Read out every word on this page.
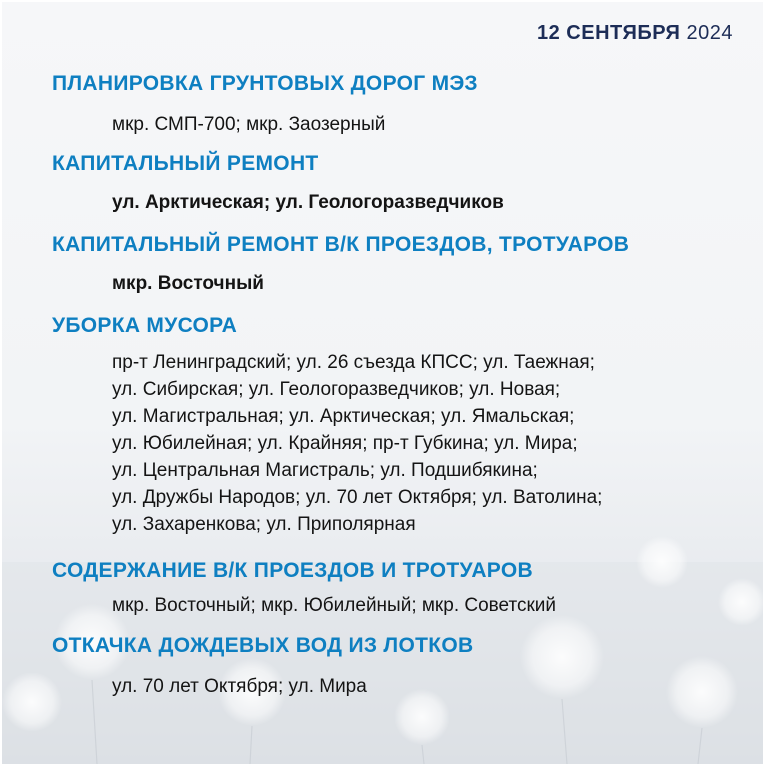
12 СЕНТЯБРЯ 2024
ПЛАНИРОВКА ГРУНТОВЫХ ДОРОГ МЭЗ
мкр. СМП-700; мкр. Заозерный
КАПИТАЛЬНЫЙ РЕМОНТ
ул. Арктическая; ул. Геологоразведчиков
КАПИТАЛЬНЫЙ РЕМОНТ В/К ПРОЕЗДОВ, ТРОТУАРОВ
мкр. Восточный
УБОРКА МУСОРА
пр-т Ленинградский; ул. 26 съезда КПСС; ул. Таежная;
ул. Сибирская; ул. Геологоразведчиков; ул. Новая;
ул. Магистральная; ул. Арктическая; ул. Ямальская;
ул. Юбилейная; ул. Крайняя; пр-т Губкина; ул. Мира;
ул. Центральная Магистраль; ул. Подшибякина;
ул. Дружбы Народов; ул. 70 лет Октября; ул. Ватолина;
ул. Захаренкова; ул. Приполярная
СОДЕРЖАНИЕ В/К ПРОЕЗДОВ И ТРОТУАРОВ
мкр. Восточный; мкр. Юбилейный; мкр. Советский
ОТКАЧКА ДОЖДЕВЫХ ВОД ИЗ ЛОТКОВ
ул. 70 лет Октября; ул. Мира
